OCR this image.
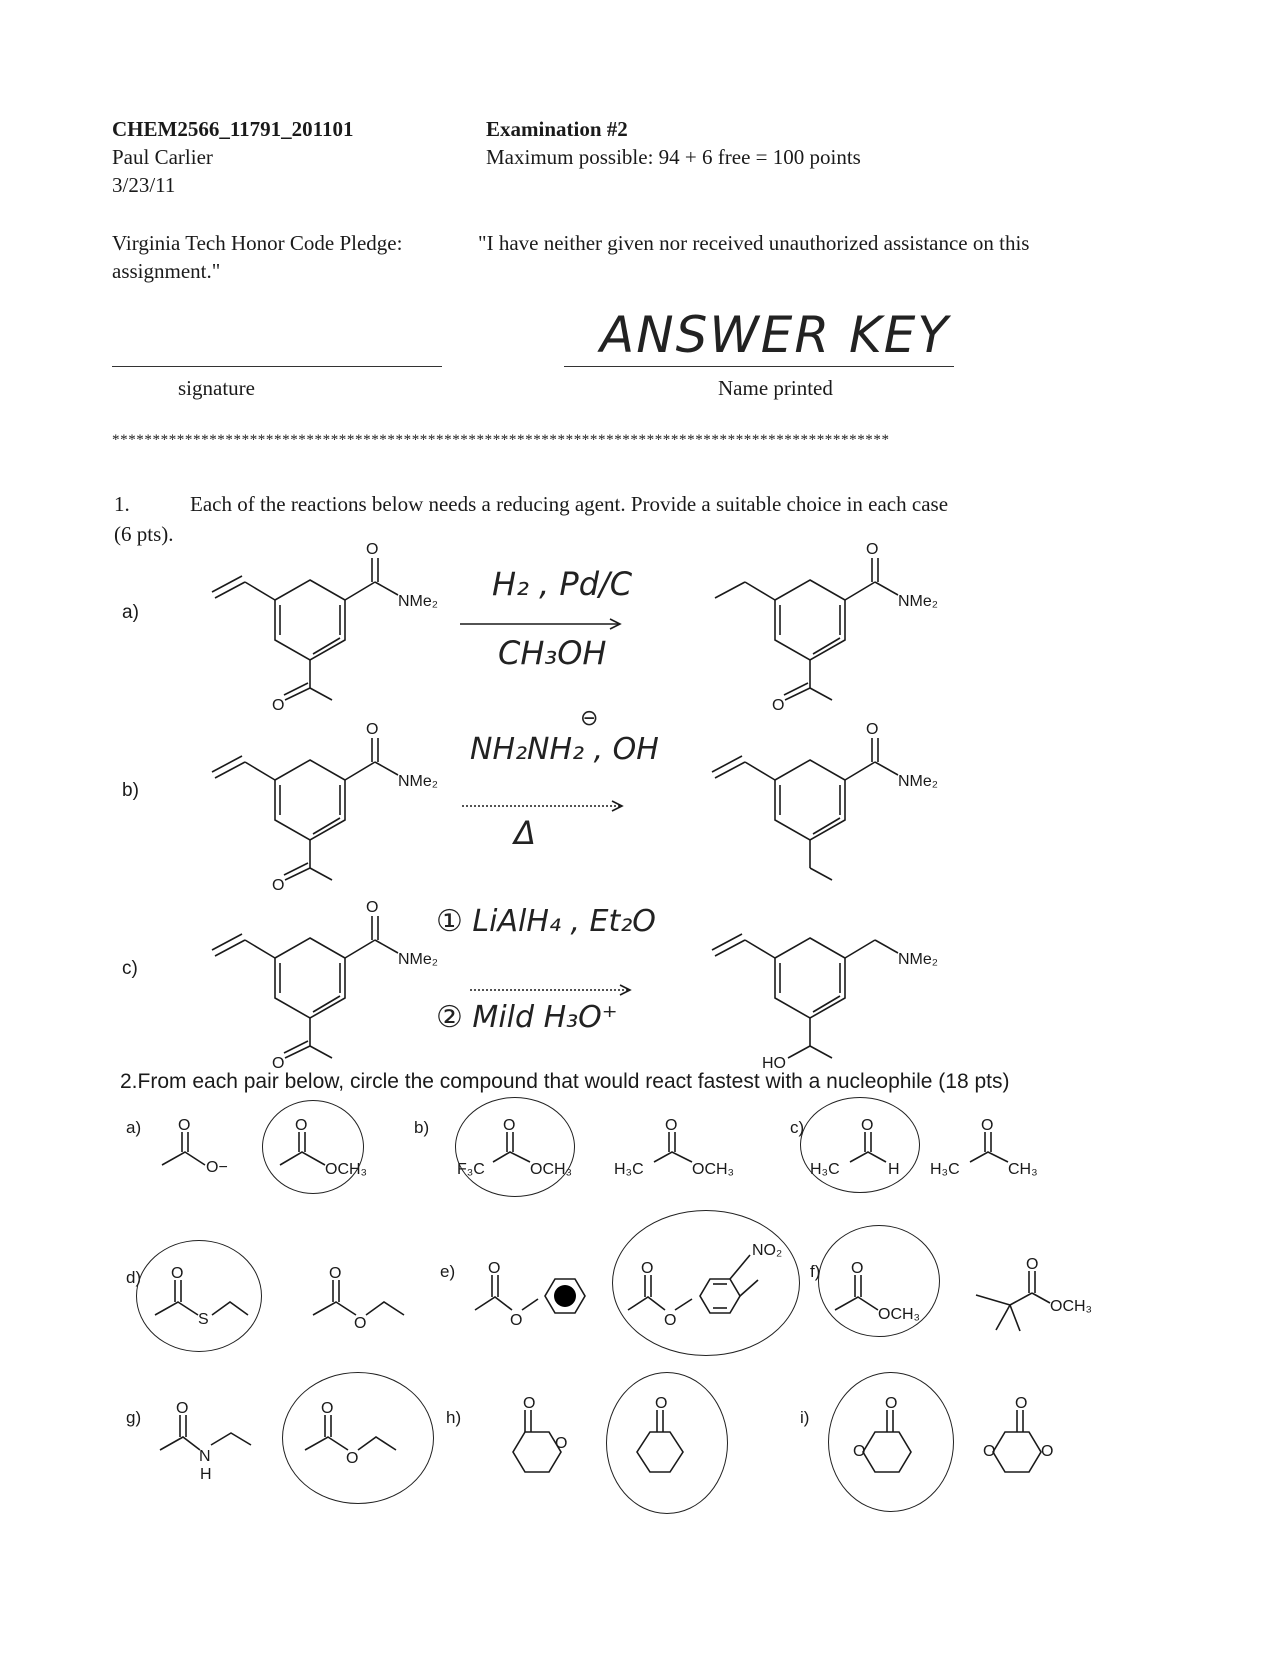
CHEM2566_11791_201101
Paul Carlier
3/23/11
Examination #2
Maximum possible: 94 + 6 free = 100 points
Virginia Tech Honor Code Pledge:	"I have neither given nor received unauthorized assistance on this
assignment."
signature
ANSWER KEY
Name printed
************************************************************************************************
1.	Each of the reactions below needs a reducing agent. Provide a suitable choice in each case
(6 pts).
a)
O
NMe₂
O
H₂ , Pd/C
CH₃OH
O
NMe₂
O
b)
O
NMe₂
O
⊖
NH₂NH₂ , OH
Δ
O
NMe₂
c)
O
NMe₂
O
① LiAlH₄ , Et₂O
② Mild H₃O⁺
NMe₂
HO
2.From each pair below, circle the compound that would react fastest with a nucleophile (18 pts)
a) O
O−
O
OCH₃
b)	O
F₃C	OCH₃
O
H₃C	OCH₃
c)	O
H₃C	H
O
H₃C	CH₃
d) O
S
O
O
e) O
O
O
O
NO₂
f) O
OCH₃
O
OCH₃
g) O
N
H
O
O
h)
O
O
O
i)
O
O
O
O	O
